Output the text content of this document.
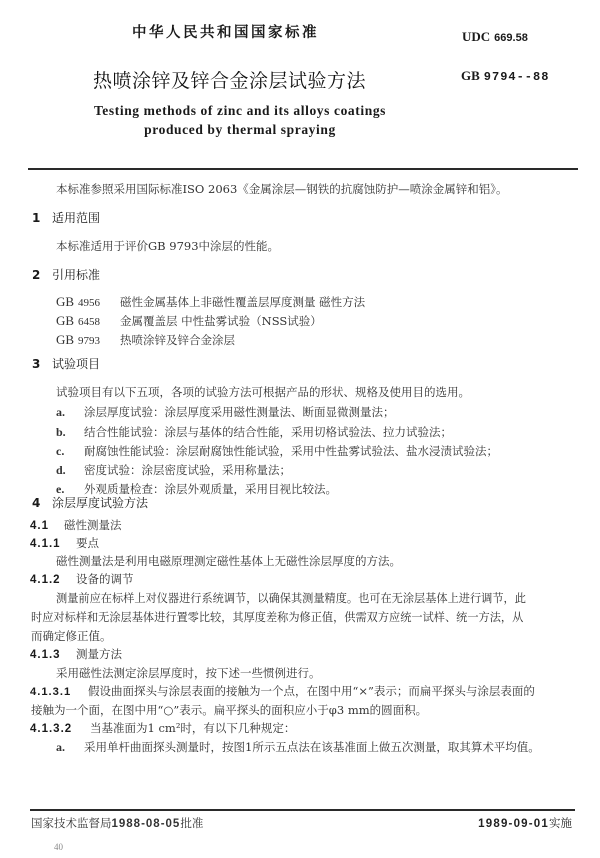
中华人民共和国国家标准	UDC 669.58
热喷涂锌及锌合金涂层试验方法	GB 9794--88
Testing methods of zinc and its alloys coatings
produced by thermal spraying
本标准参照采用国际标准ISO 2063《金属涂层—钢铁的抗腐蚀防护—喷涂金属锌和铝》。
1 适用范围
本标准适用于评价GB 9793中涂层的性能。
2 引用标准
GB 4956 磁性金属基体上非磁性覆盖层厚度测量 磁性方法
GB 6458 金属覆盖层 中性盐雾试验（NSS试验）
GB 9793 热喷涂锌及锌合金涂层
3 试验项目
试验项目有以下五项，各项的试验方法可根据产品的形状、规格及使用目的选用。
a. 涂层厚度试验：涂层厚度采用磁性测量法、断面显微测量法；
b. 结合性能试验：涂层与基体的结合性能，采用切格试验法、拉力试验法；
c. 耐腐蚀性能试验：涂层耐腐蚀性能试验，采用中性盐雾试验法、盐水浸渍试验法；
d. 密度试验：涂层密度试验，采用称量法；
e. 外观质量检查：涂层外观质量，采用目视比较法。
4 涂层厚度试验方法
4.1 磁性测量法
4.1.1 要点
磁性测量法是利用电磁原理测定磁性基体上无磁性涂层厚度的方法。
4.1.2 设备的调节
测量前应在标样上对仪器进行系统调节，以确保其测量精度。也可在无涂层基体上进行调节，此
时应对标样和无涂层基体进行置零比较，其厚度差称为修正值，供需双方应统一试样、统一方法，从
而确定修正值。
4.1.3 测量方法
采用磁性法测定涂层厚度时，按下述一些惯例进行。
4.1.3.1 假设曲面探头与涂层表面的接触为一个点，在图中用“×”表示；而扁平探头与涂层表面的
接触为一个面，在图中用“○”表示。扁平探头的面积应小于φ3 mm的圆面积。
4.1.3.2 当基准面为1 cm²时，有以下几种规定：
a. 采用单杆曲面探头测量时，按图1所示五点法在该基准面上做五次测量，取其算术平均值。
国家技术监督局1988-08-05批准	1989-09-01实施
40
